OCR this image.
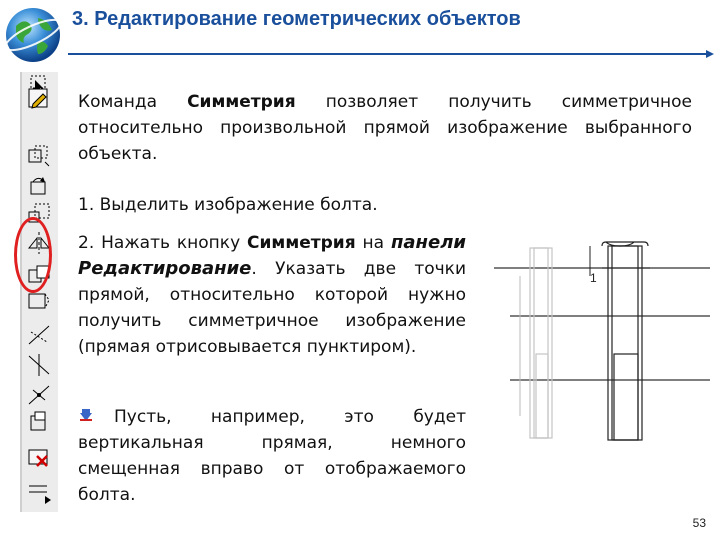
3. Редактирование геометрических объектов
Команда Симметрия позволяет получить симметричное относительно произвольной прямой изображение выбранного объекта.
1. Выделить изображение болта.
2. Нажать кнопку Симметрия на панели Редактирование. Указать две точки прямой, относительно которой нужно получить симметричное изображение (прямая отрисовывается пунктиром).
Пусть, например, это будет вертикальная прямая, немного смещенная вправо от отображаемого болта.
1
53
